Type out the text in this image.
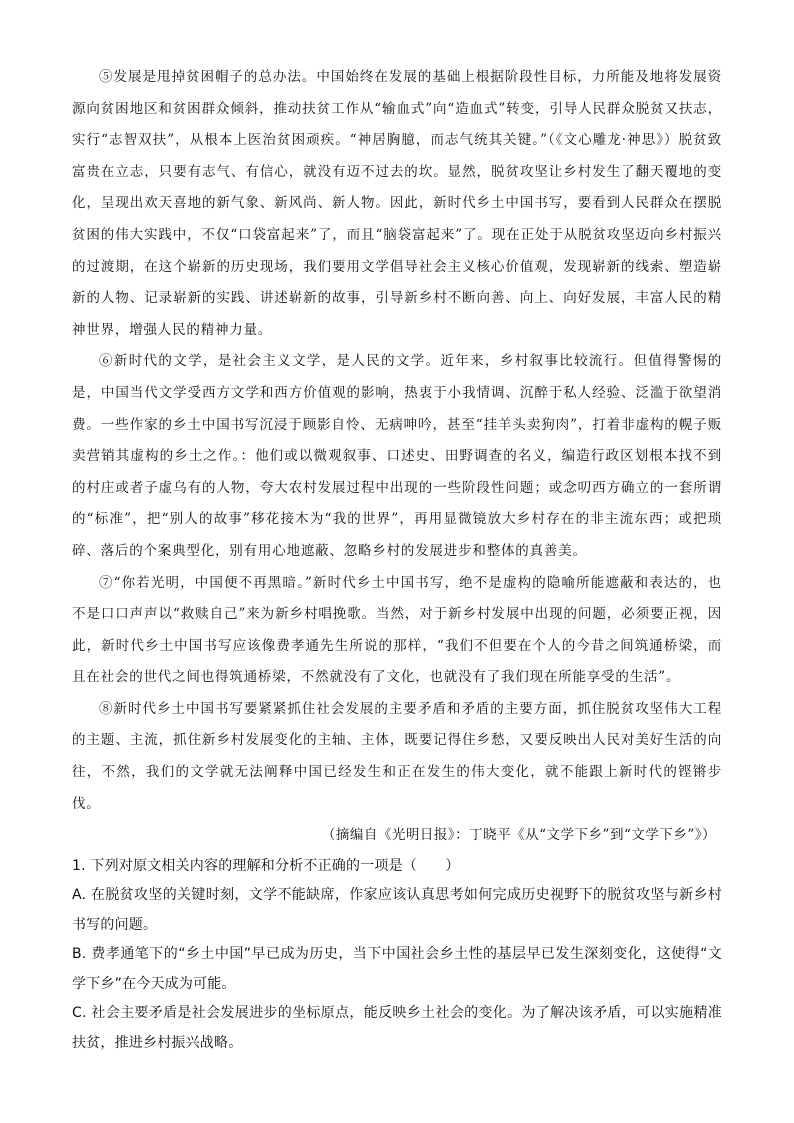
⑤发展是甩掉贫困帽子的总办法。中国始终在发展的基础上根据阶段性目标，力所能及地将发展资源向贫困地区和贫困群众倾斜，推动扶贫工作从“输血式”向“造血式”转变，引导人民群众脱贫又扶志，实行“志智双扶”，从根本上医治贫困顽疾。“神居胸臆，而志气统其关键。”（《文心雕龙·神思》）脱贫致富贵在立志，只要有志气、有信心，就没有迈不过去的坎。显然，脱贫攻坚让乡村发生了翻天覆地的变化，呈现出欢天喜地的新气象、新风尚、新人物。因此，新时代乡土中国书写，要看到人民群众在摆脱贫困的伟大实践中，不仅“口袋富起来”了，而且“脑袋富起来”了。现在正处于从脱贫攻坚迈向乡村振兴的过渡期，在这个崭新的历史现场，我们要用文学倡导社会主义核心价值观，发现崭新的线索、塑造崭新的人物、记录崭新的实践、讲述崭新的故事，引导新乡村不断向善、向上、向好发展，丰富人民的精神世界，增强人民的精神力量。

⑥新时代的文学，是社会主义文学，是人民的文学。近年来，乡村叙事比较流行。但值得警惕的是，中国当代文学受西方文学和西方价值观的影响，热衷于小我情调、沉醉于私人经验、泛滥于欲望消费。一些作家的乡土中国书写沉浸于顾影自怜、无病呻吟，甚至“挂羊头卖狗肉”，打着非虚构的幌子贩卖营销其虚构的乡土之作。：他们或以微观叙事、口述史、田野调查的名义，编造行政区划根本找不到的村庄或者子虚乌有的人物，夸大农村发展过程中出现的一些阶段性问题；或念叨西方确立的一套所谓的“标准”，把“别人的故事”移花接木为“我的世界”，再用显微镜放大乡村存在的非主流东西；或把琐碎、落后的个案典型化，别有用心地遮蔽、忽略乡村的发展进步和整体的真善美。

⑦“你若光明，中国便不再黑暗。”新时代乡土中国书写，绝不是虚构的隐喻所能遮蔽和表达的，也不是口口声声以“救赎自己”来为新乡村唱挽歌。当然，对于新乡村发展中出现的问题，必须要正视，因此，新时代乡土中国书写应该像费孝通先生所说的那样，“我们不但要在个人的今昔之间筑通桥梁，而且在社会的世代之间也得筑通桥梁，不然就没有了文化，也就没有了我们现在所能享受的生活”。

⑧新时代乡土中国书写要紧紧抓住社会发展的主要矛盾和矛盾的主要方面，抓住脱贫攻坚伟大工程的主题、主流，抓住新乡村发展变化的主轴、主体，既要记得住乡愁，又要反映出人民对美好生活的向往，不然，我们的文学就无法阐释中国已经发生和正在发生的伟大变化，就不能跟上新时代的铿锵步伐。

（摘编自《光明日报》：丁晓平《从“文学下乡”到“文学下乡”》）

1. 下列对原文相关内容的理解和分析不正确的一项是（　　）

A. 在脱贫攻坚的关键时刻，文学不能缺席，作家应该认真思考如何完成历史视野下的脱贫攻坚与新乡村书写的问题。

B. 费孝通笔下的“乡土中国”早已成为历史，当下中国社会乡土性的基层早已发生深刻变化，这使得“文学下乡”在今天成为可能。

C. 社会主要矛盾是社会发展进步的坐标原点，能反映乡土社会的变化。为了解决该矛盾，可以实施精准扶贫，推进乡村振兴战略。
